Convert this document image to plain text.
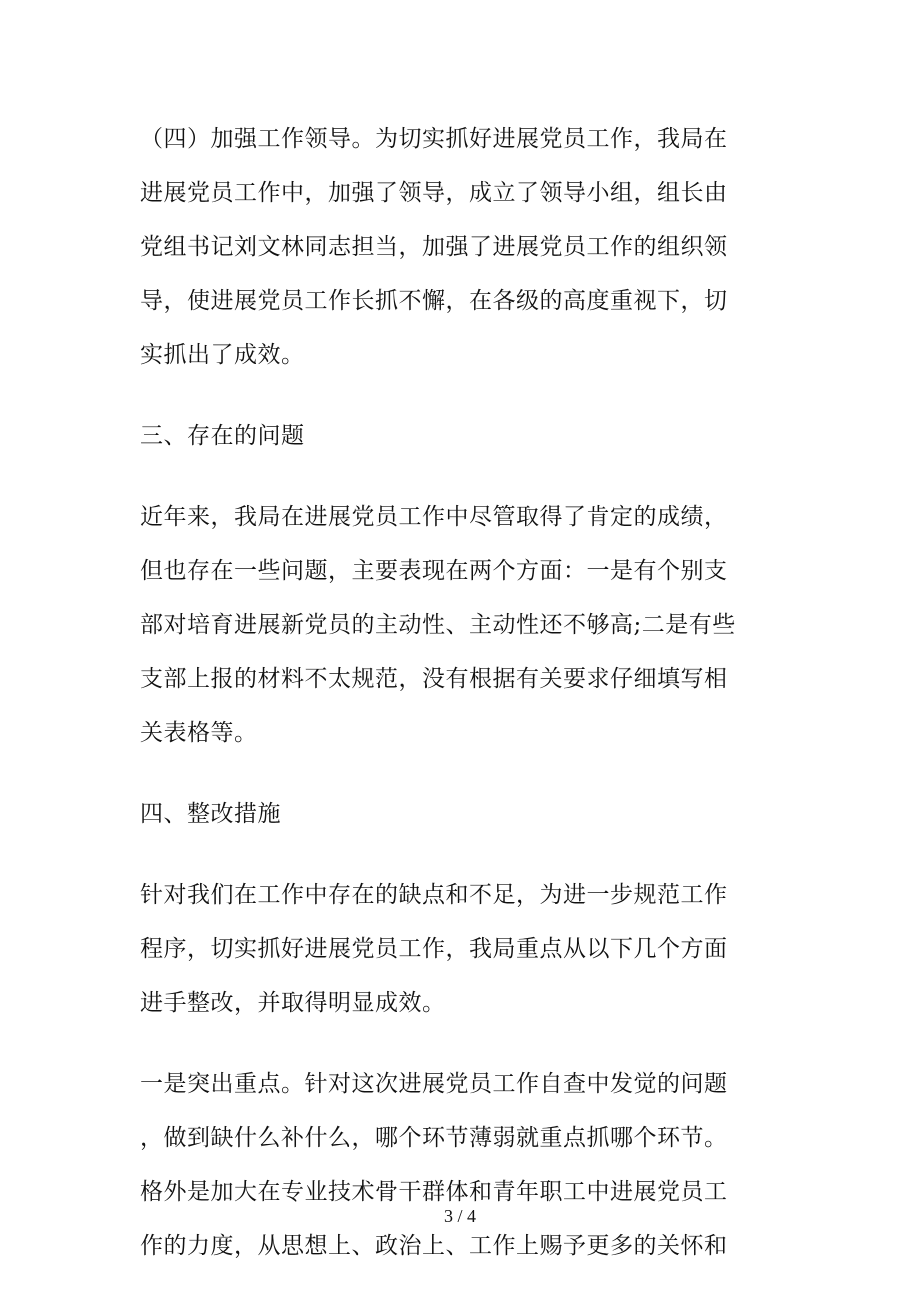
（四）加强工作领导。为切实抓好进展党员工作，我局在
进展党员工作中，加强了领导，成立了领导小组，组长由
党组书记刘文林同志担当，加强了进展党员工作的组织领
导，使进展党员工作长抓不懈，在各级的高度重视下，切
实抓出了成效。

三、存在的问题

近年来，我局在进展党员工作中尽管取得了肯定的成绩，
但也存在一些问题，主要表现在两个方面：一是有个别支
部对培育进展新党员的主动性、主动性还不够高;二是有些
支部上报的材料不太规范，没有根据有关要求仔细填写相
关表格等。

四、整改措施

针对我们在工作中存在的缺点和不足，为进一步规范工作
程序，切实抓好进展党员工作，我局重点从以下几个方面
进手整改，并取得明显成效。

一是突出重点。针对这次进展党员工作自查中发觉的问题
，做到缺什么补什么，哪个环节薄弱就重点抓哪个环节。
格外是加大在专业技术骨干群体和青年职工中进展党员工
作的力度，从思想上、政治上、工作上赐予更多的关怀和

3 / 4
